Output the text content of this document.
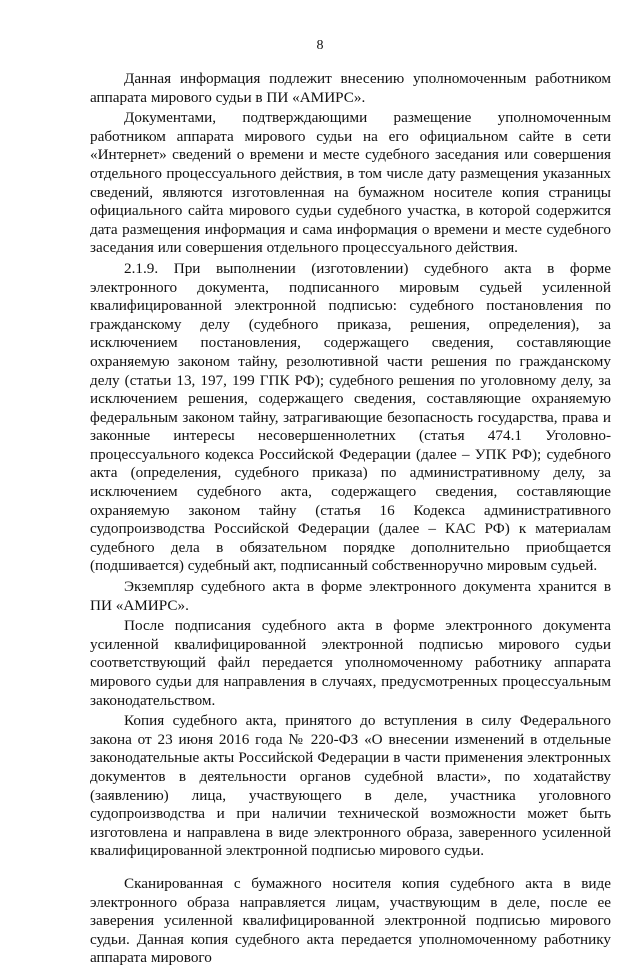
8

Данная информация подлежит внесению уполномоченным работником аппарата мирового судьи в ПИ «АМИРС».

Документами, подтверждающими размещение уполномоченным работником аппарата мирового судьи на его официальном сайте в сети «Интернет» сведений о времени и месте судебного заседания или совершения отдельного процессуального действия, в том числе дату размещения указанных сведений, являются изготовленная на бумажном носителе копия страницы официального сайта мирового судьи судебного участка, в которой содержится дата размещения информация и сама информация о времени и месте судебного заседания или совершения отдельного процессуального действия.

2.1.9. При выполнении (изготовлении) судебного акта в форме электронного документа, подписанного мировым судьей усиленной квалифицированной электронной подписью: судебного постановления по гражданскому делу (судебного приказа, решения, определения), за исключением постановления, содержащего сведения, составляющие охраняемую законом тайну, резолютивной части решения по гражданскому делу (статьи 13, 197, 199 ГПК РФ); судебного решения по уголовному делу, за исключением решения, содержащего сведения, составляющие охраняемую федеральным законом тайну, затрагивающие безопасность государства, права и законные интересы несовершеннолетних (статья 474.1 Уголовно-процессуального кодекса Российской Федерации (далее – УПК РФ); судебного акта (определения, судебного приказа) по административному делу, за исключением судебного акта, содержащего сведения, составляющие охраняемую законом тайну (статья 16 Кодекса административного судопроизводства Российской Федерации (далее – КАС РФ) к материалам судебного дела в обязательном порядке дополнительно приобщается (подшивается) судебный акт, подписанный собственноручно мировым судьей.

Экземпляр судебного акта в форме электронного документа хранится в ПИ «АМИРС».

После подписания судебного акта в форме электронного документа усиленной квалифицированной электронной подписью мирового судьи соответствующий файл передается уполномоченному работнику аппарата мирового судьи для направления в случаях, предусмотренных процессуальным законодательством.

Копия судебного акта, принятого до вступления в силу Федерального закона от 23 июня 2016 года № 220-ФЗ «О внесении изменений в отдельные законодательные акты Российской Федерации в части применения электронных документов в деятельности органов судебной власти», по ходатайству (заявлению) лица, участвующего в деле, участника уголовного судопроизводства и при наличии технической возможности может быть изготовлена и направлена в виде электронного образа, заверенного усиленной квалифицированной электронной подписью мирового судьи.

Сканированная с бумажного носителя копия судебного акта в виде электронного образа направляется лицам, участвующим в деле, после ее заверения усиленной квалифицированной электронной подписью мирового судьи. Данная копия судебного акта передается уполномоченному работнику аппарата мирового
